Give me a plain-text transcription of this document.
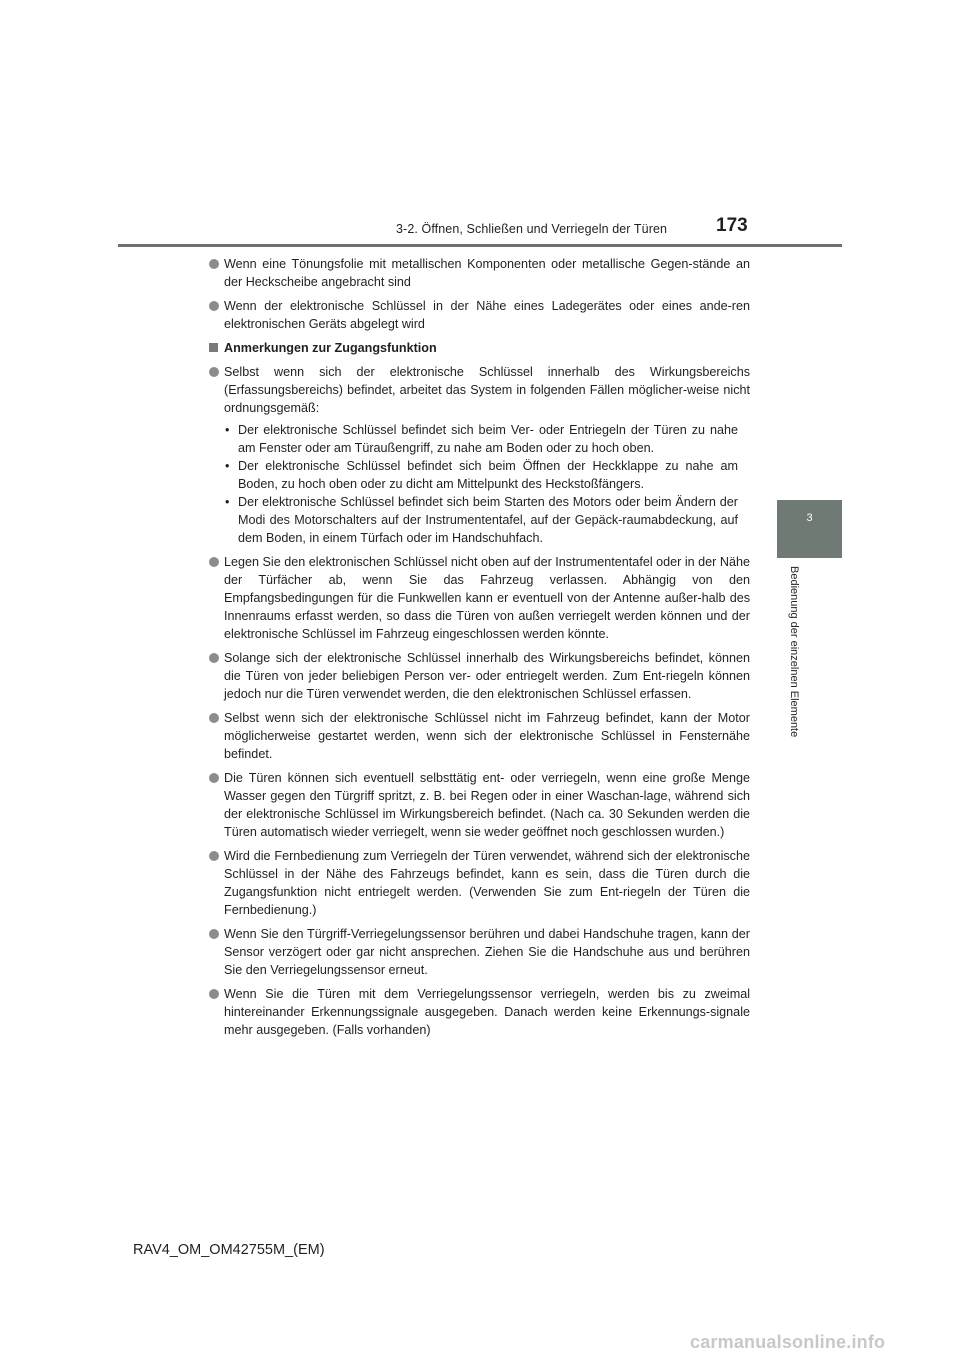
3-2. Öffnen, Schließen und Verriegeln der Türen	173
3
Bedienung der einzelnen Elemente
Wenn eine Tönungsfolie mit metallischen Komponenten oder metallische Gegen-stände an der Heckscheibe angebracht sind
Wenn der elektronische Schlüssel in der Nähe eines Ladegerätes oder eines ande-ren elektronischen Geräts abgelegt wird
Anmerkungen zur Zugangsfunktion
Selbst wenn sich der elektronische Schlüssel innerhalb des Wirkungsbereichs (Erfassungsbereichs) befindet, arbeitet das System in folgenden Fällen möglicher-weise nicht ordnungsgemäß:
• Der elektronische Schlüssel befindet sich beim Ver- oder Entriegeln der Türen zu nahe am Fenster oder am Türaußengriff, zu nahe am Boden oder zu hoch oben.
• Der elektronische Schlüssel befindet sich beim Öffnen der Heckklappe zu nahe am Boden, zu hoch oben oder zu dicht am Mittelpunkt des Heckstoßfängers.
• Der elektronische Schlüssel befindet sich beim Starten des Motors oder beim Ändern der Modi des Motorschalters auf der Instrumententafel, auf der Gepäck-raumabdeckung, auf dem Boden, in einem Türfach oder im Handschuhfach.
Legen Sie den elektronischen Schlüssel nicht oben auf der Instrumententafel oder in der Nähe der Türfächer ab, wenn Sie das Fahrzeug verlassen. Abhängig von den Empfangsbedingungen für die Funkwellen kann er eventuell von der Antenne außer-halb des Innenraums erfasst werden, so dass die Türen von außen verriegelt werden können und der elektronische Schlüssel im Fahrzeug eingeschlossen werden könnte.
Solange sich der elektronische Schlüssel innerhalb des Wirkungsbereichs befindet, können die Türen von jeder beliebigen Person ver- oder entriegelt werden. Zum Ent-riegeln können jedoch nur die Türen verwendet werden, die den elektronischen Schlüssel erfassen.
Selbst wenn sich der elektronische Schlüssel nicht im Fahrzeug befindet, kann der Motor möglicherweise gestartet werden, wenn sich der elektronische Schlüssel in Fensternähe befindet.
Die Türen können sich eventuell selbsttätig ent- oder verriegeln, wenn eine große Menge Wasser gegen den Türgriff spritzt, z. B. bei Regen oder in einer Waschan-lage, während sich der elektronische Schlüssel im Wirkungsbereich befindet. (Nach ca. 30 Sekunden werden die Türen automatisch wieder verriegelt, wenn sie weder geöffnet noch geschlossen wurden.)
Wird die Fernbedienung zum Verriegeln der Türen verwendet, während sich der elektronische Schlüssel in der Nähe des Fahrzeugs befindet, kann es sein, dass die Türen durch die Zugangsfunktion nicht entriegelt werden. (Verwenden Sie zum Ent-riegeln der Türen die Fernbedienung.)
Wenn Sie den Türgriff-Verriegelungssensor berühren und dabei Handschuhe tragen, kann der Sensor verzögert oder gar nicht ansprechen. Ziehen Sie die Handschuhe aus und berühren Sie den Verriegelungssensor erneut.
Wenn Sie die Türen mit dem Verriegelungssensor verriegeln, werden bis zu zweimal hintereinander Erkennungssignale ausgegeben. Danach werden keine Erkennungs-signale mehr ausgegeben. (Falls vorhanden)
RAV4_OM_OM42755M_(EM)
carmanualsonline.info
